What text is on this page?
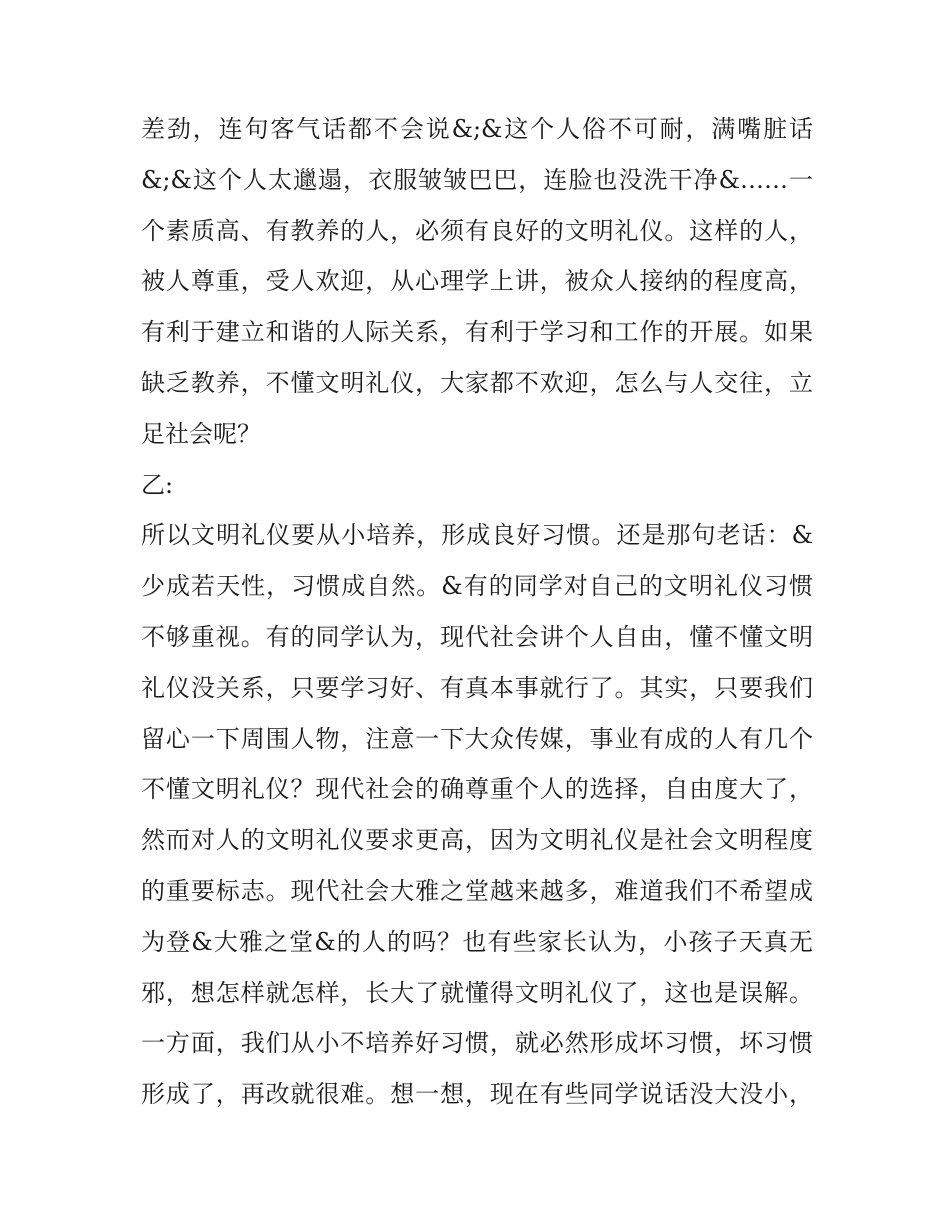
差劲，连句客气话都不会说&;&这个人俗不可耐，满嘴脏话
&;&这个人太邋遢，衣服皱皱巴巴，连脸也没洗干净&……一
个素质高、有教养的人，必须有良好的文明礼仪。这样的人，
被人尊重，受人欢迎，从心理学上讲，被众人接纳的程度高，
有利于建立和谐的人际关系，有利于学习和工作的开展。如果
缺乏教养，不懂文明礼仪，大家都不欢迎，怎么与人交往，立
足社会呢？
乙:
所以文明礼仪要从小培养，形成良好习惯。还是那句老话：&
少成若天性，习惯成自然。&有的同学对自己的文明礼仪习惯
不够重视。有的同学认为，现代社会讲个人自由，懂不懂文明
礼仪没关系，只要学习好、有真本事就行了。其实，只要我们
留心一下周围人物，注意一下大众传媒，事业有成的人有几个
不懂文明礼仪？现代社会的确尊重个人的选择，自由度大了，
然而对人的文明礼仪要求更高，因为文明礼仪是社会文明程度
的重要标志。现代社会大雅之堂越来越多，难道我们不希望成
为登&大雅之堂&的人的吗？也有些家长认为，小孩子天真无
邪，想怎样就怎样，长大了就懂得文明礼仪了，这也是误解。
一方面，我们从小不培养好习惯，就必然形成坏习惯，坏习惯
形成了，再改就很难。想一想，现在有些同学说话没大没小，
